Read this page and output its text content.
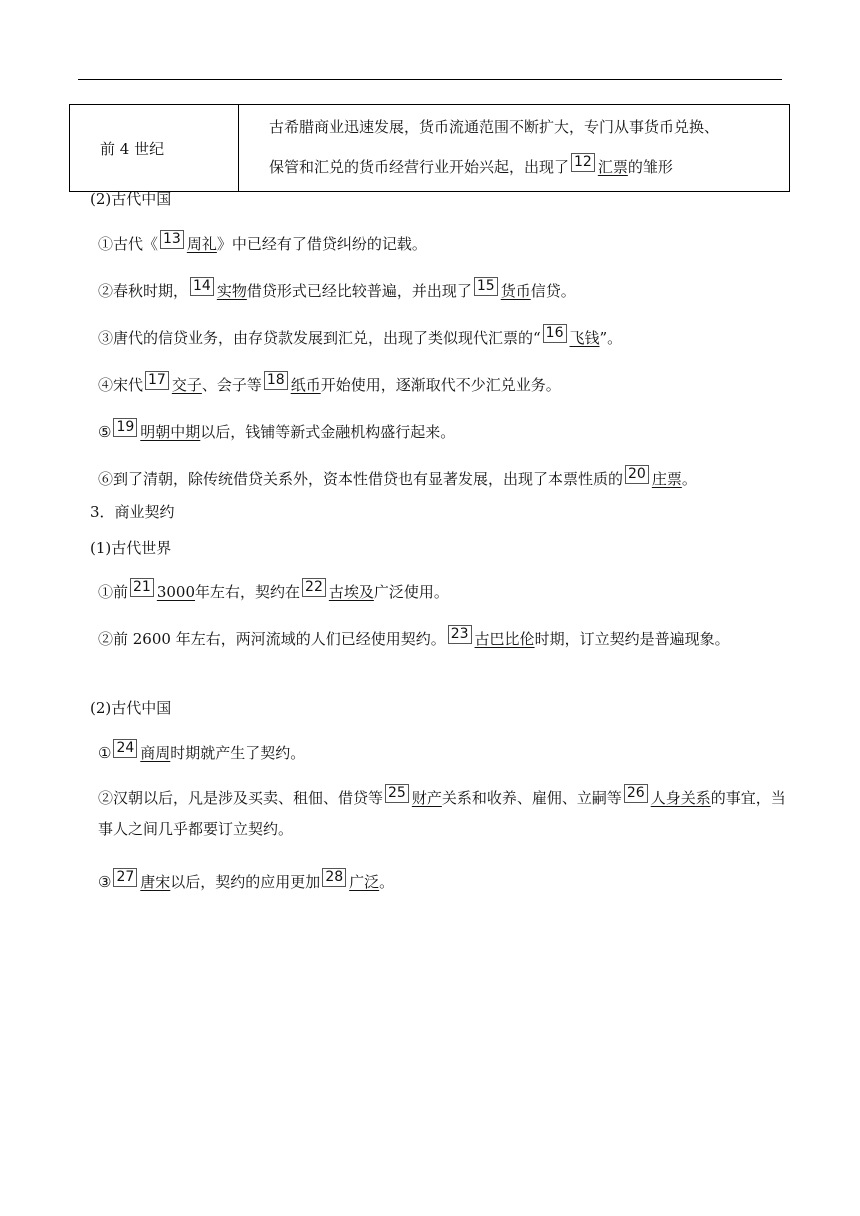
前 4 世纪	古希腊商业迅速发展，货币流通范围不断扩大，专门从事货币兑换、
保管和汇兑的货币经营行业开始兴起，出现了 12 汇票的雏形
(2)古代中国
①古代《 13 周礼》中已经有了借贷纠纷的记载。
②春秋时期， 14 实物借贷形式已经比较普遍，并出现了 15 货币信贷。
③唐代的信贷业务，由存贷款发展到汇兑，出现了类似现代汇票的“ 16 飞钱”。
④宋代 17 交子、会子等 18 纸币开始使用，逐渐取代不少汇兑业务。
⑤ 19 明朝中期以后，钱铺等新式金融机构盛行起来。
⑥到了清朝，除传统借贷关系外，资本性借贷也有显著发展，出现了本票性质的 20 庄票。
3．商业契约
(1)古代世界
①前 21 3000年左右，契约在 22 古埃及广泛使用。
②前 2600 年左右，两河流域的人们已经使用契约。 23 古巴比伦时期，订立契约是普遍现象。
(2)古代中国
① 24 商周时期就产生了契约。
②汉朝以后，凡是涉及买卖、租佃、借贷等 25 财产关系和收养、雇佣、立嗣等 26 人身关系的事宜，当事人之间几乎都要订立契约。
③ 27 唐宋以后，契约的应用更加 28 广泛。
